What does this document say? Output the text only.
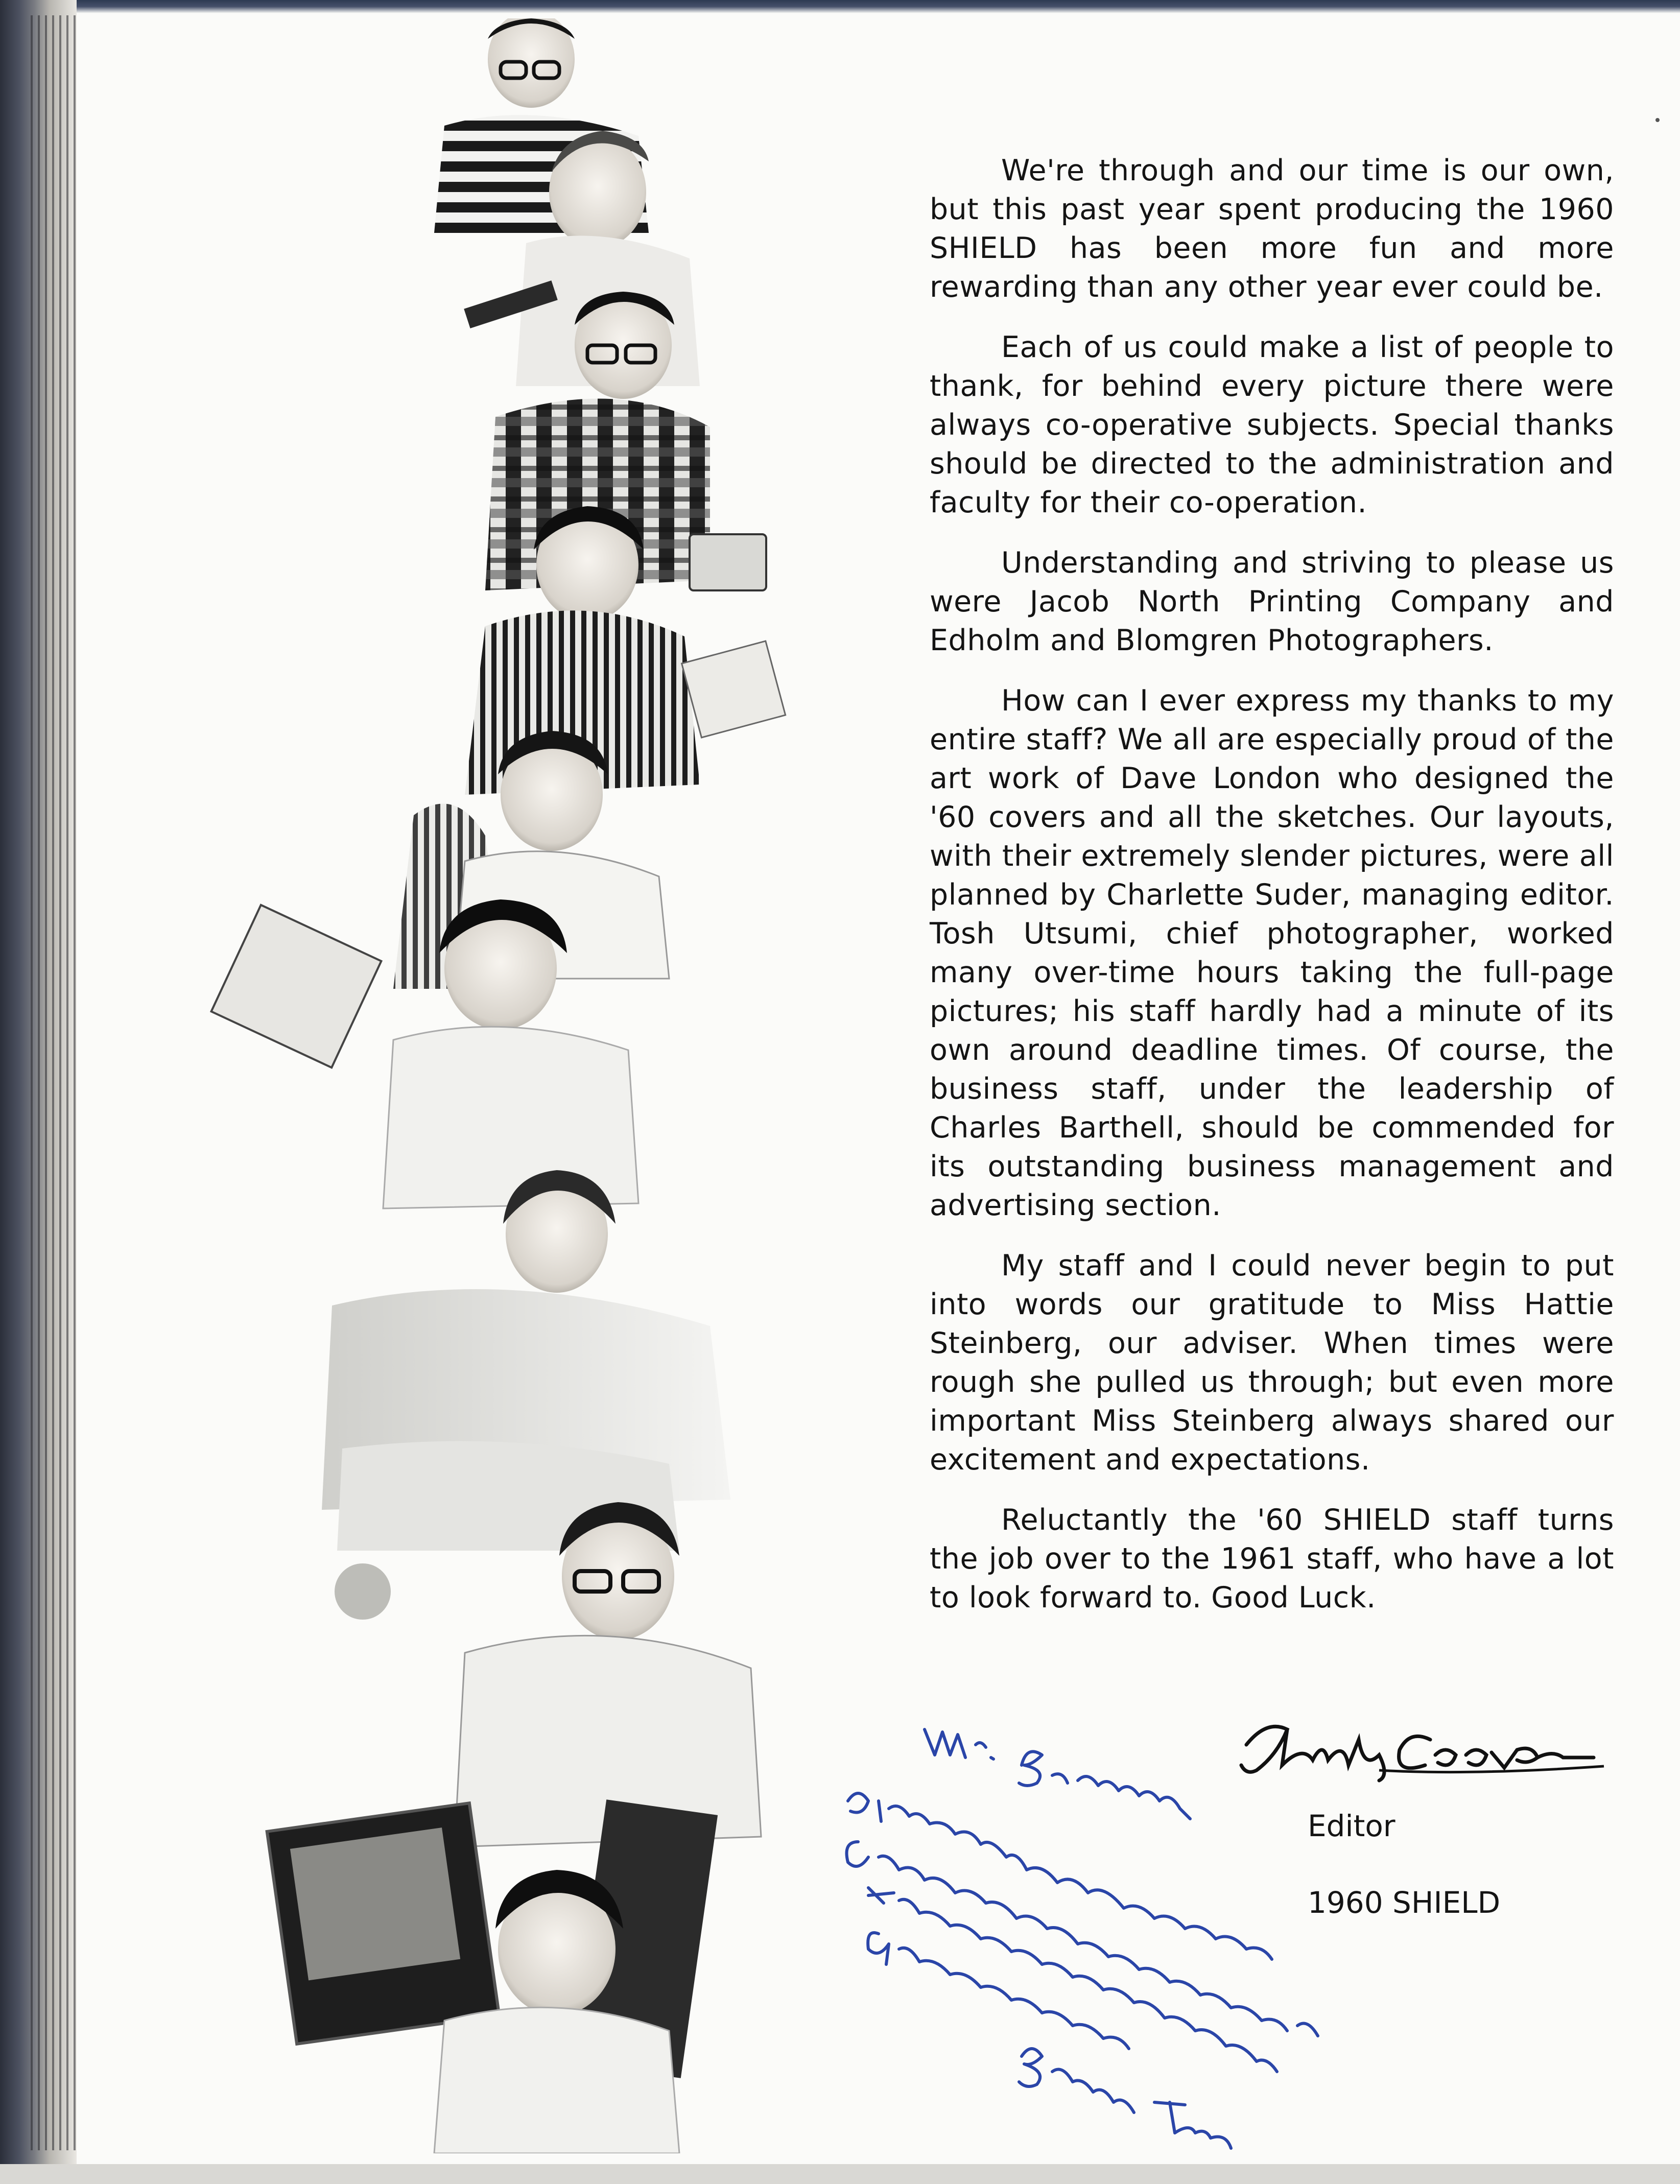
We're through and our time is our own, but this past year spent producing the 1960 SHIELD has been more fun and more rewarding than any other year ever could be.

Each of us could make a list of people to thank, for behind every picture there were always co-operative subjects. Special thanks should be directed to the administration and faculty for their co-operation.

Understanding and striving to please us were Jacob North Printing Company and Edholm and Blomgren Photographers.

How can I ever express my thanks to my entire staff? We all are especially proud of the art work of Dave London who designed the '60 covers and all the sketches. Our layouts, with their extremely slender pictures, were all planned by Charlette Suder, managing editor. Tosh Utsumi, chief photographer, worked many over-time hours taking the full-page pictures; his staff hardly had a minute of its own around deadline times. Of course, the business staff, under the leadership of Charles Barthell, should be commended for its outstanding business management and advertising section.

My staff and I could never begin to put into words our gratitude to Miss Hattie Steinberg, our adviser. When times were rough she pulled us through; but even more important Miss Steinberg always shared our excitement and expectations.

Reluctantly the '60 SHIELD staff turns the job over to the 1961 staff, who have a lot to look forward to. Good Luck.

Editor
1960 SHIELD
